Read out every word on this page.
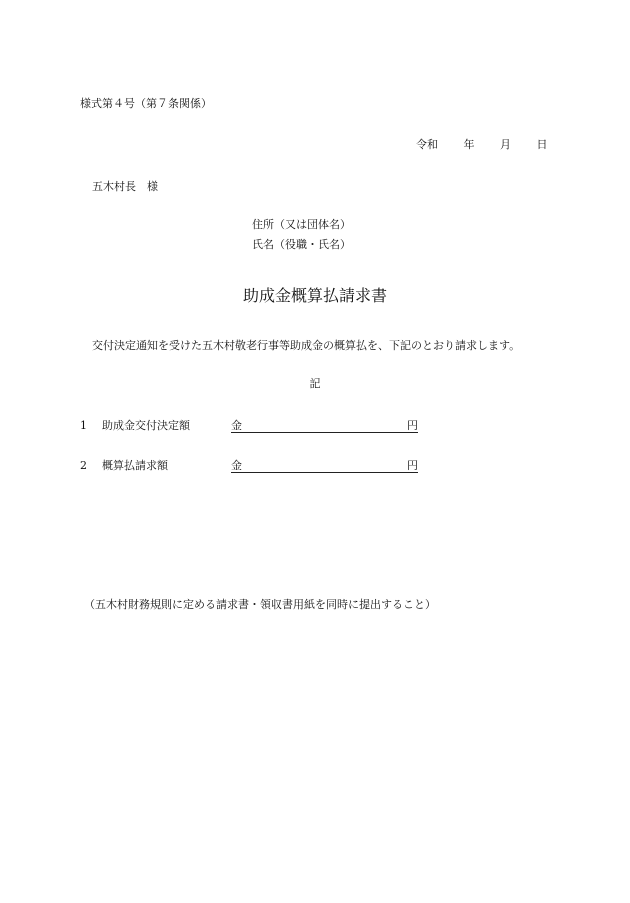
様式第４号（第７条関係）
令和 年 月 日
五木村長　様
住所（又は団体名）
氏名（役職・氏名）
助成金概算払請求書
交付決定通知を受けた五木村敬老行事等助成金の概算払を、下記のとおり請求します。
記
1 助成金交付決定額	金	円
2 概算払請求額	金	円
（五木村財務規則に定める請求書・領収書用紙を同時に提出すること）
